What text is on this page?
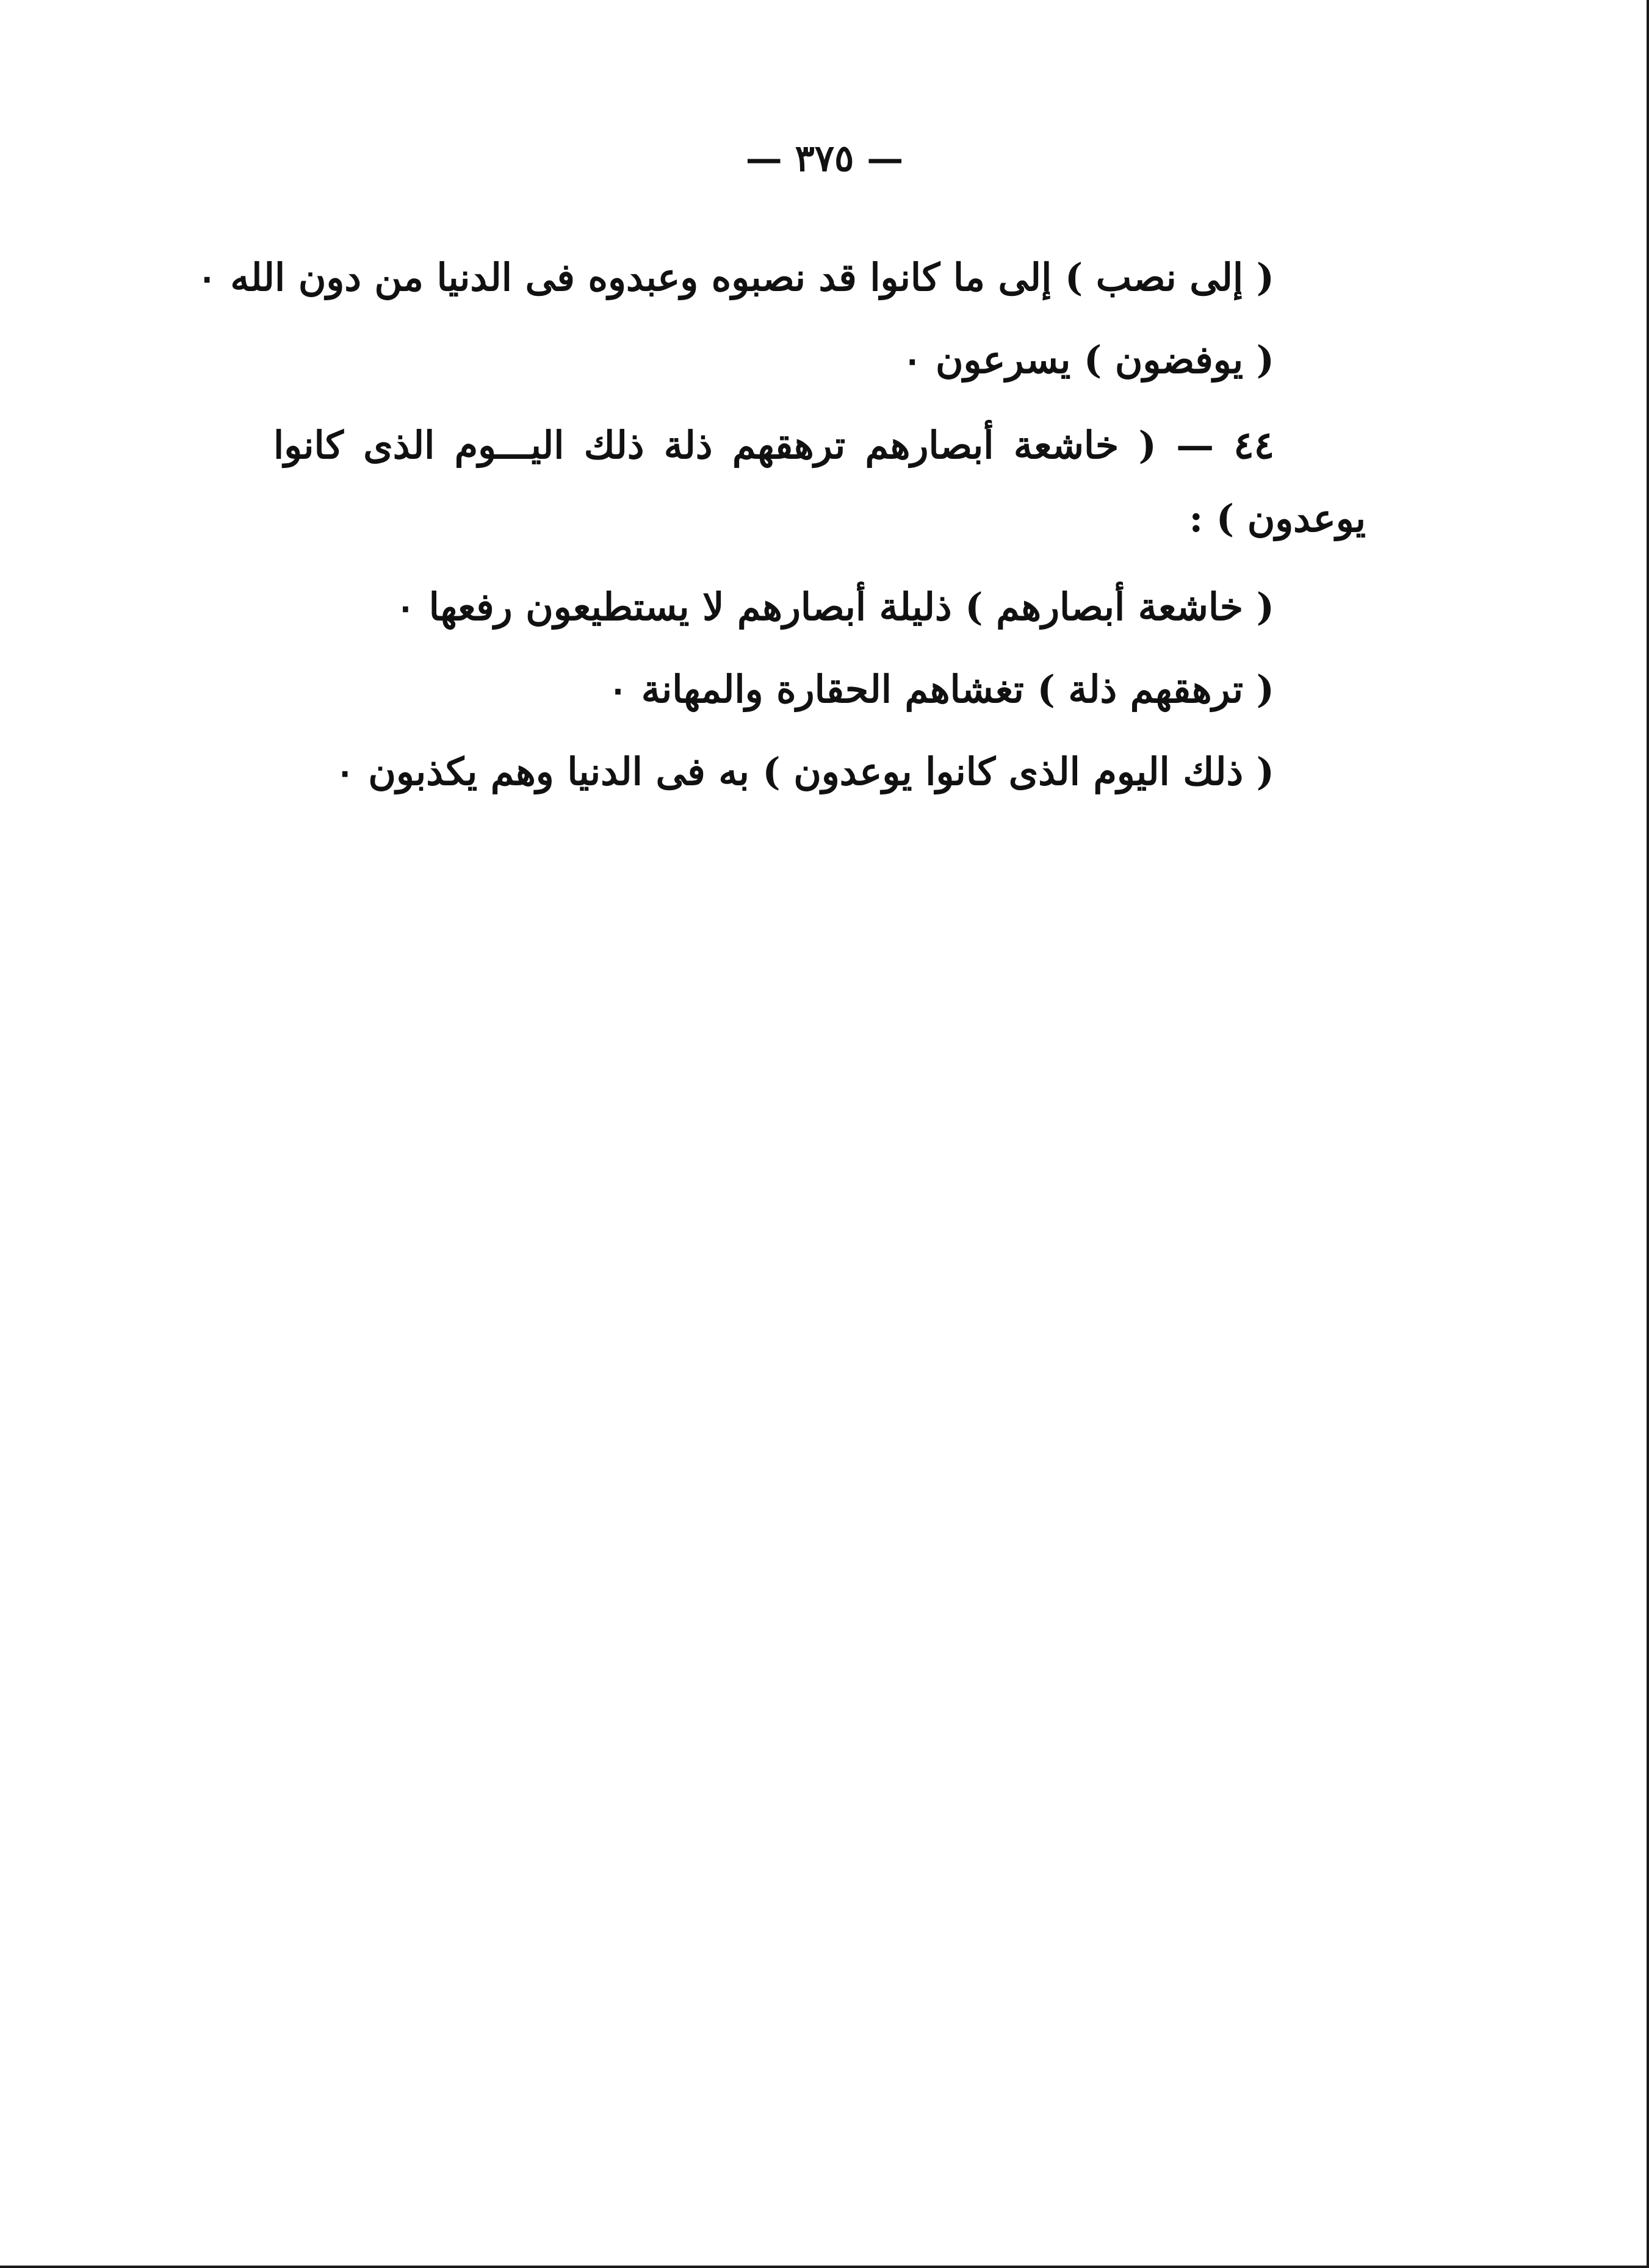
— ٣٧٥ —
( إلى نصب ) إلى ما كانوا قد نصبوه وعبدوه فى الدنيا من دون الله ٠
( يوفضون ) يسرعون ٠
٤٤ — ( خاشعة أبصارهم ترهقهم ذلة ذلك اليـــوم الذى كانوا
يوعدون ) :
( خاشعة أبصارهم ) ذليلة أبصارهم لا يستطيعون رفعها ٠
( ترهقهم ذلة ) تغشاهم الحقارة والمهانة ٠
( ذلك اليوم الذى كانوا يوعدون ) به فى الدنيا وهم يكذبون ٠
